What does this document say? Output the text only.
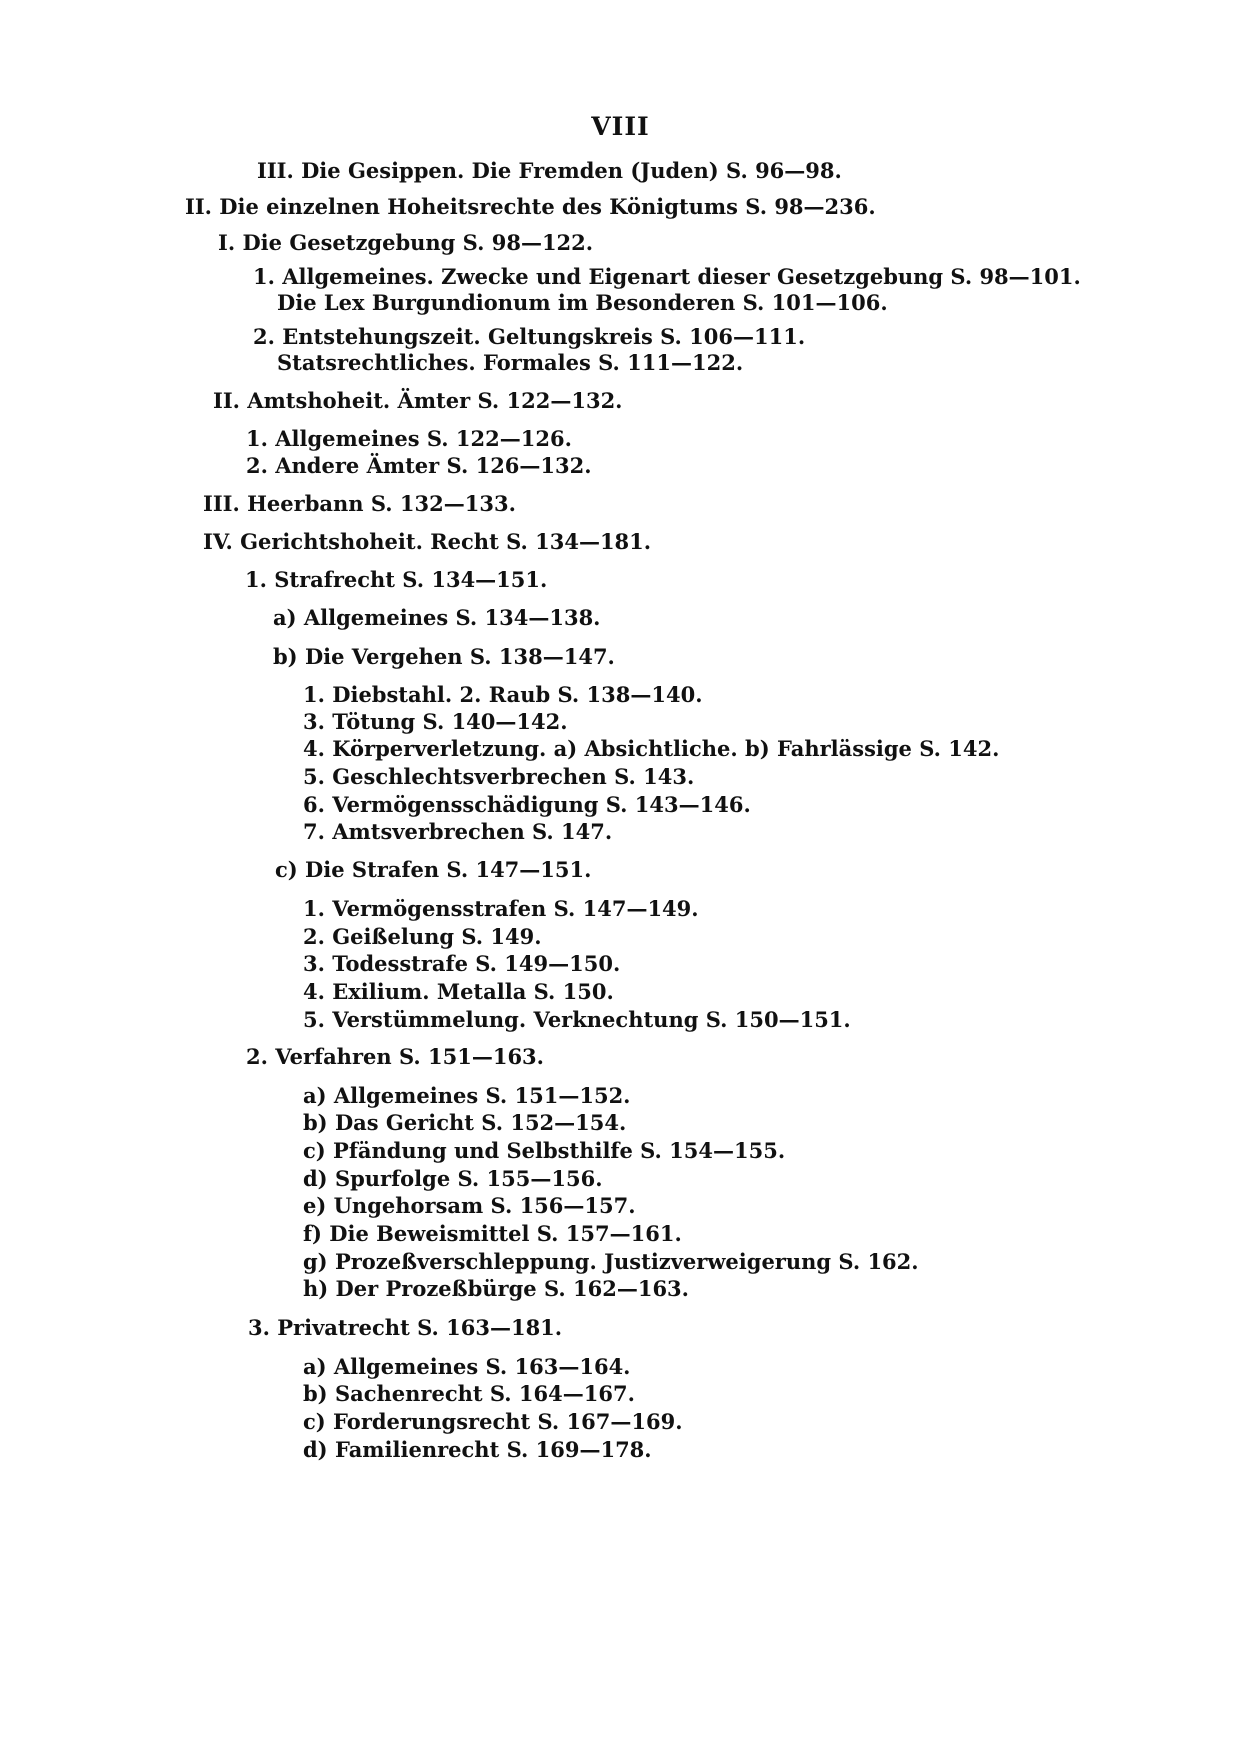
VIII
III. Die Gesippen. Die Fremden (Juden) S. 96—98.
II. Die einzelnen Hoheitsrechte des Königtums S. 98—236.
I. Die Gesetzgebung S. 98—122.
1. Allgemeines. Zwecke und Eigenart dieser Gesetzgebung S. 98—101.
Die Lex Burgundionum im Besonderen S. 101—106.
2. Entstehungszeit. Geltungskreis S. 106—111.
Statsrechtliches. Formales S. 111—122.
II. Amtshoheit. Ämter S. 122—132.
1. Allgemeines S. 122—126.
2. Andere Ämter S. 126—132.
III. Heerbann S. 132—133.
IV. Gerichtshoheit. Recht S. 134—181.
1. Strafrecht S. 134—151.
a) Allgemeines S. 134—138.
b) Die Vergehen S. 138—147.
1. Diebstahl. 2. Raub S. 138—140.
3. Tötung S. 140—142.
4. Körperverletzung. a) Absichtliche. b) Fahrlässige S. 142.
5. Geschlechtsverbrechen S. 143.
6. Vermögensschädigung S. 143—146.
7. Amtsverbrechen S. 147.
c) Die Strafen S. 147—151.
1. Vermögensstrafen S. 147—149.
2. Geißelung S. 149.
3. Todesstrafe S. 149—150.
4. Exilium. Metalla S. 150.
5. Verstümmelung. Verknechtung S. 150—151.
2. Verfahren S. 151—163.
a) Allgemeines S. 151—152.
b) Das Gericht S. 152—154.
c) Pfändung und Selbsthilfe S. 154—155.
d) Spurfolge S. 155—156.
e) Ungehorsam S. 156—157.
f) Die Beweismittel S. 157—161.
g) Prozeßverschleppung. Justizverweigerung S. 162.
h) Der Prozeßbürge S. 162—163.
3. Privatrecht S. 163—181.
a) Allgemeines S. 163—164.
b) Sachenrecht S. 164—167.
c) Forderungsrecht S. 167—169.
d) Familienrecht S. 169—178.
